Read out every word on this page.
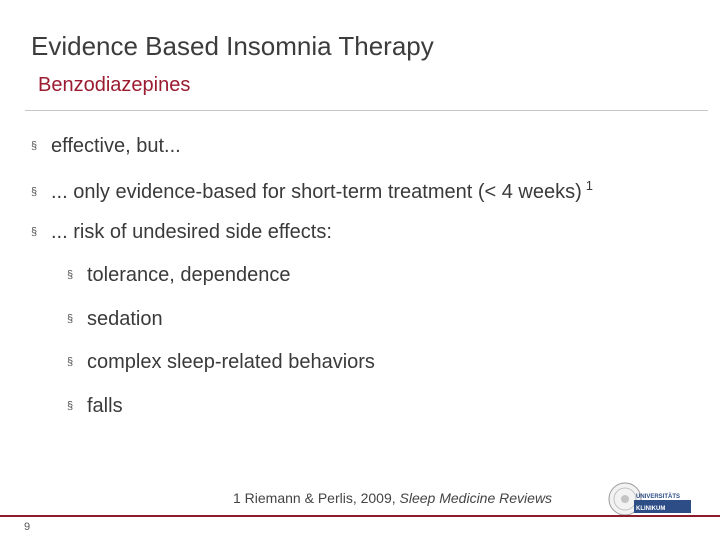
Evidence Based Insomnia Therapy
Benzodiazepines
§ effective, but...
§ ... only evidence-based for short-term treatment (< 4 weeks) $^1$
§ ... risk of undesired side effects:
§ tolerance, dependence
§ sedation
§ complex sleep-related behaviors
§ falls
1 Riemann & Perlis, 2009, Sleep Medicine Reviews
KLINIKUM
UNIVERSITÄTS
9
